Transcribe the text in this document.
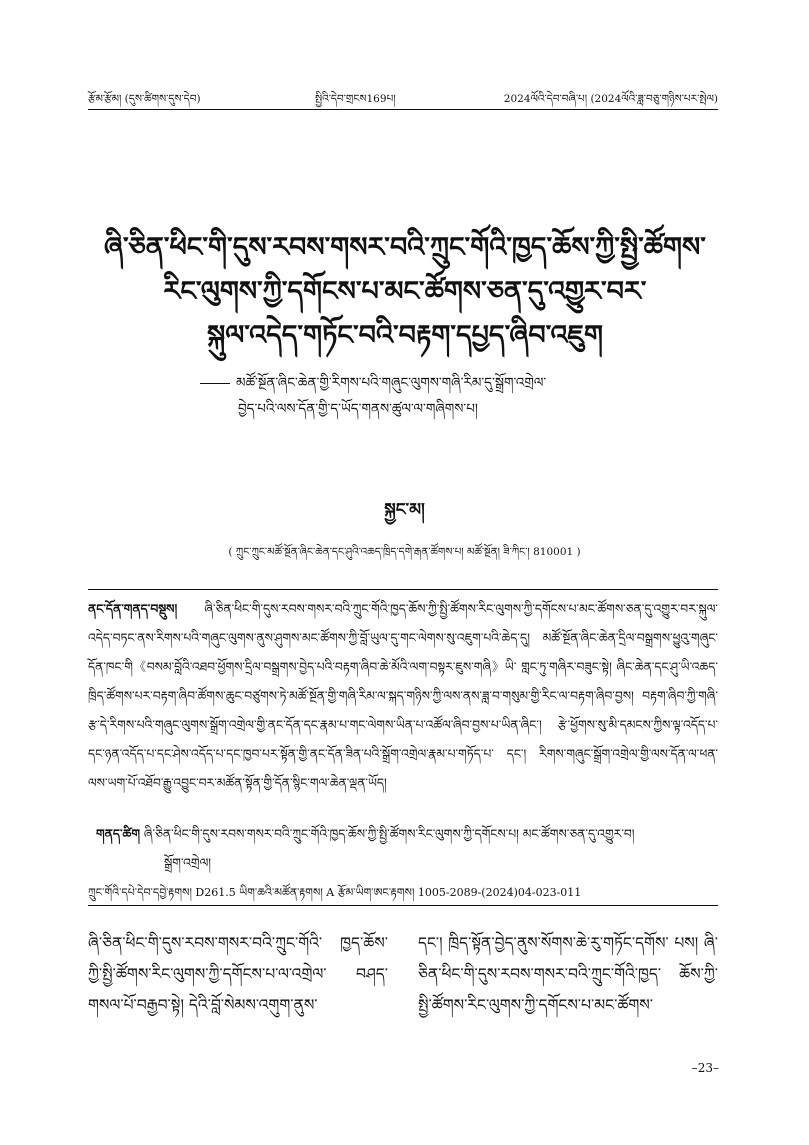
རྩོམ་རྩོམ། (དུས་ཚིགས་དུས་དེབ)	སྤྱིའི་དེབ་གྲངས169པ།	2024ལོའི་དེབ་བཞི་པ། (2024ལོའི་ཟླ་བཅུ་གཉིས་པར་སྤེལ)
ཞི་ཅིན་ཕིང་གི་དུས་རབས་གསར་བའི་ཀྲུང་གོའི་ཁྱད་ཆོས་ཀྱི་སྤྱི་ཚོགས་
རིང་ལུགས་ཀྱི་དགོངས་པ་མང་ཚོགས་ཅན་དུ་འགྱུར་བར་
སྐུལ་འདེད་གཏོང་བའི་བརྟག་དཔྱད་ཞིབ་འཇུག
མཚོ་སྔོན་ཞིང་ཆེན་གྱི་རིགས་པའི་གཞུང་ལུགས་གཞི་རིམ་དུ་སྒྲོག་འགྲེལ་
བྱེད་པའི་ལས་དོན་གྱི་ད་ཡོད་གནས་ཚུལ་ལ་གཞིགས་པ།
སྐྱང་མ།
( ཀྲུང་ཀྲུང་མཚོ་སྔོན་ཞིང་ཆེན་དང་ཤུའི་འཆད་ཁྲིད་དགེ་རྒན་ཚོགས་པ། མཚོ་སྔོན། ཟི་ཀིང་། 810001 )
ནང་དོན་གནད་བསྡུས། ཞི་ཅིན་ཕིང་གི་དུས་རབས་གསར་བའི་ཀྲུང་གོའི་ཁྱད་ཆོས་ཀྱི་སྤྱི་ཚོགས་རིང་ལུགས་ཀྱི་དགོངས་པ་མང་ཚོགས་ཅན་དུ་འགྱུར་བར་སྐུལ་འདེད་བཏང་ནས་རིགས་པའི་གཞུང་ལུགས་ནུས་ཤུགས་མང་ཚོགས་ཀྱི་བློ་ཡུལ་དུ་གང་ལེགས་སུ་འཇུག་པའི་ཆེད་དུ། མཚོ་སྔོན་ཞིང་ཆེན་དྲིལ་བསྒྲགས་ཕྱུའུ་གཞུང་དོན་ཁང་གི《བསམ་བློའི་འཐབ་ཕྱོགས་དྲིལ་བསྒྲགས་བྱེད་པའི་བརྟག་ཞིབ་ཆེ་མོའི་ལག་བསྟར་ཇུས་གཞི》ཡི་ གླང་ཏུ་གཞིར་བཟུང་སྟེ། ཞིང་ཆེན་དང་ཤུ་ཡི་འཆད་ཁྲིད་ཚོགས་པར་བརྟག་ཞིབ་ཚོགས་ཆུང་བཙུགས་ཏེ་མཚོ་སྔོན་གྱི་གཞི་རིམ་ལ་སྐད་གཉིས་ཀྱི་ལས་ནས་ཟླ་བ་གསུམ་གྱི་རིང་ལ་བརྟག་ཞིབ་བྱས། བརྟག་ཞིབ་ཀྱི་གཞི་རྩ་དེ་རིགས་པའི་གཞུང་ལུགས་སྒྲོག་འགྲེལ་གྱི་ནང་དོན་དང་རྣམ་པ་གང་ལེགས་ཡིན་པ་འཚོལ་ཞིབ་བྱས་པ་ཡིན་ཞིང་། རྩེ་ཕྱོགས་སུ་མི་དམངས་ཀྱིས་ལྟ་འདོད་པ་དང་ཉན་འདོད་པ་དང་ཤེས་འདོད་པ་དང་ཁྱབ་པར་སྟོན་གྱི་ནང་དོན་ཟིན་པའི་སྒྲོག་འགྲེལ་རྣམ་པ་གཏོད་པ་ དང་། རིགས་གཞུང་སྒྲོག་འགྲེལ་གྱི་ལས་དོན་ལ་ཕན་ལས་ཡག་པོ་འཐོབ་རྒྱུ་འབྱུང་བར་མཚོན་སྟོན་གྱི་དོན་སྙིང་གལ་ཆེན་ལྡན་ཡོད།
གནད་ཚིག ཞི་ཅིན་ཕིང་གི་དུས་རབས་གསར་བའི་ཀྲུང་གོའི་ཁྱད་ཆོས་ཀྱི་སྤྱི་ཚོགས་རིང་ལུགས་ཀྱི་དགོངས་པ། མང་ཚོགས་ཅན་དུ་འགྱུར་བ།
སྒྲོག་འགྲེལ།
ཀྲུང་གོའི་དཔེ་དེབ་དབྱེ་རྟགས། D261.5 ཡིག་ཆའི་མཚོན་རྟགས། A རྩོམ་ཡིག་ཨང་རྟགས། 1005-2089-(2024)04-023-011
ཞི་ཅིན་ཕིང་གི་དུས་རབས་གསར་བའི་ཀྲུང་གོའི་ ཁྱད་ཆོས་ཀྱི་སྤྱི་ཚོགས་རིང་ལུགས་ཀྱི་དགོངས་པ་ལ་འགྲེལ་ བཤད་གསལ་པོ་བརྒྱབ་སྟེ། དེའི་བློ་སེམས་འགུག་ནུས་
དང་། ཁྲིད་སྟོན་བྱེད་ནུས་སོགས་ཆེ་རུ་གཏོང་དགོས་ པས། ཞི་ཅིན་ཕིང་གི་དུས་རབས་གསར་བའི་ཀྲུང་གོའི་ཁྱད་ ཆོས་ཀྱི་སྤྱི་ཚོགས་རིང་ལུགས་ཀྱི་དགོངས་པ་མང་ཚོགས་
–23–
